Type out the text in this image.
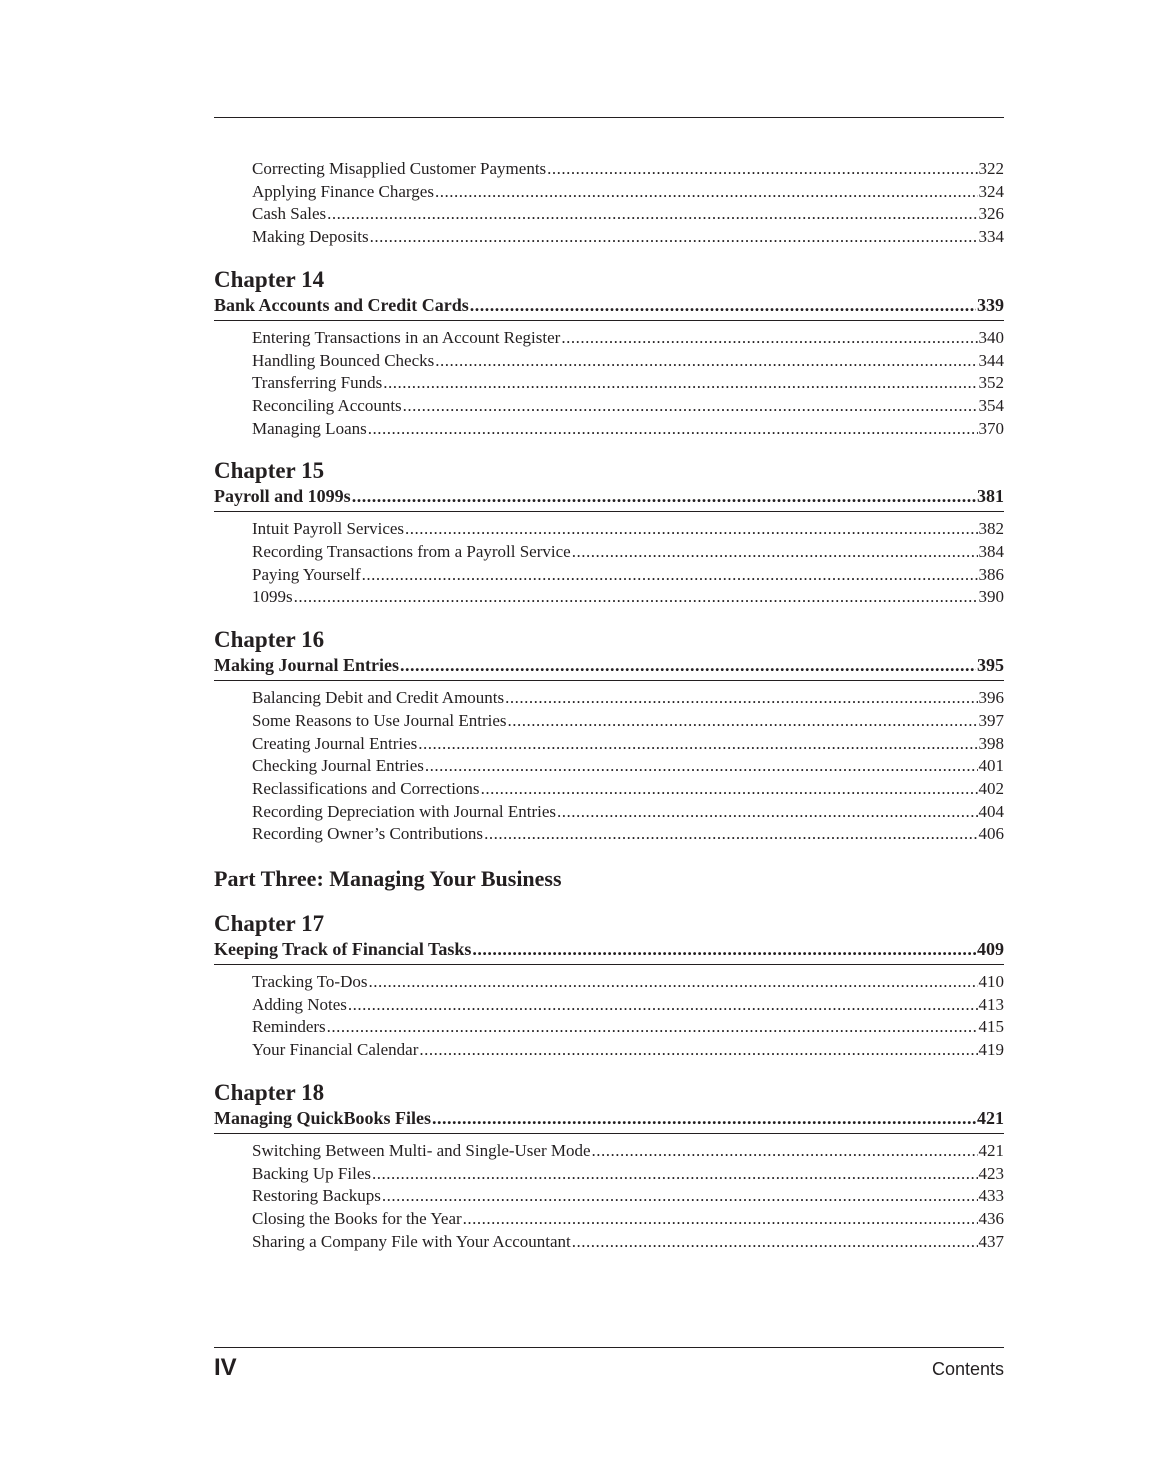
Correcting Misapplied Customer Payments .....	322
Applying Finance Charges .....	324
Cash Sales .....	326
Making Deposits .....	334
Chapter 14
Bank Accounts and Credit Cards .....	339
Entering Transactions in an Account Register .....	340
Handling Bounced Checks .....	344
Transferring Funds .....	352
Reconciling Accounts .....	354
Managing Loans .....	370
Chapter 15
Payroll and 1099s .....	381
Intuit Payroll Services .....	382
Recording Transactions from a Payroll Service .....	384
Paying Yourself .....	386
1099s .....	390
Chapter 16
Making Journal Entries .....	395
Balancing Debit and Credit Amounts .....	396
Some Reasons to Use Journal Entries .....	397
Creating Journal Entries .....	398
Checking Journal Entries .....	401
Reclassifications and Corrections .....	402
Recording Depreciation with Journal Entries .....	404
Recording Owner’s Contributions .....	406
Part Three: Managing Your Business
Chapter 17
Keeping Track of Financial Tasks .....	409
Tracking To-Dos .....	410
Adding Notes .....	413
Reminders .....	415
Your Financial Calendar .....	419
Chapter 18
Managing QuickBooks Files .....	421
Switching Between Multi- and Single-User Mode .....	421
Backing Up Files .....	423
Restoring Backups .....	433
Closing the Books for the Year .....	436
Sharing a Company File with Your Accountant .....	437
IV	Contents
